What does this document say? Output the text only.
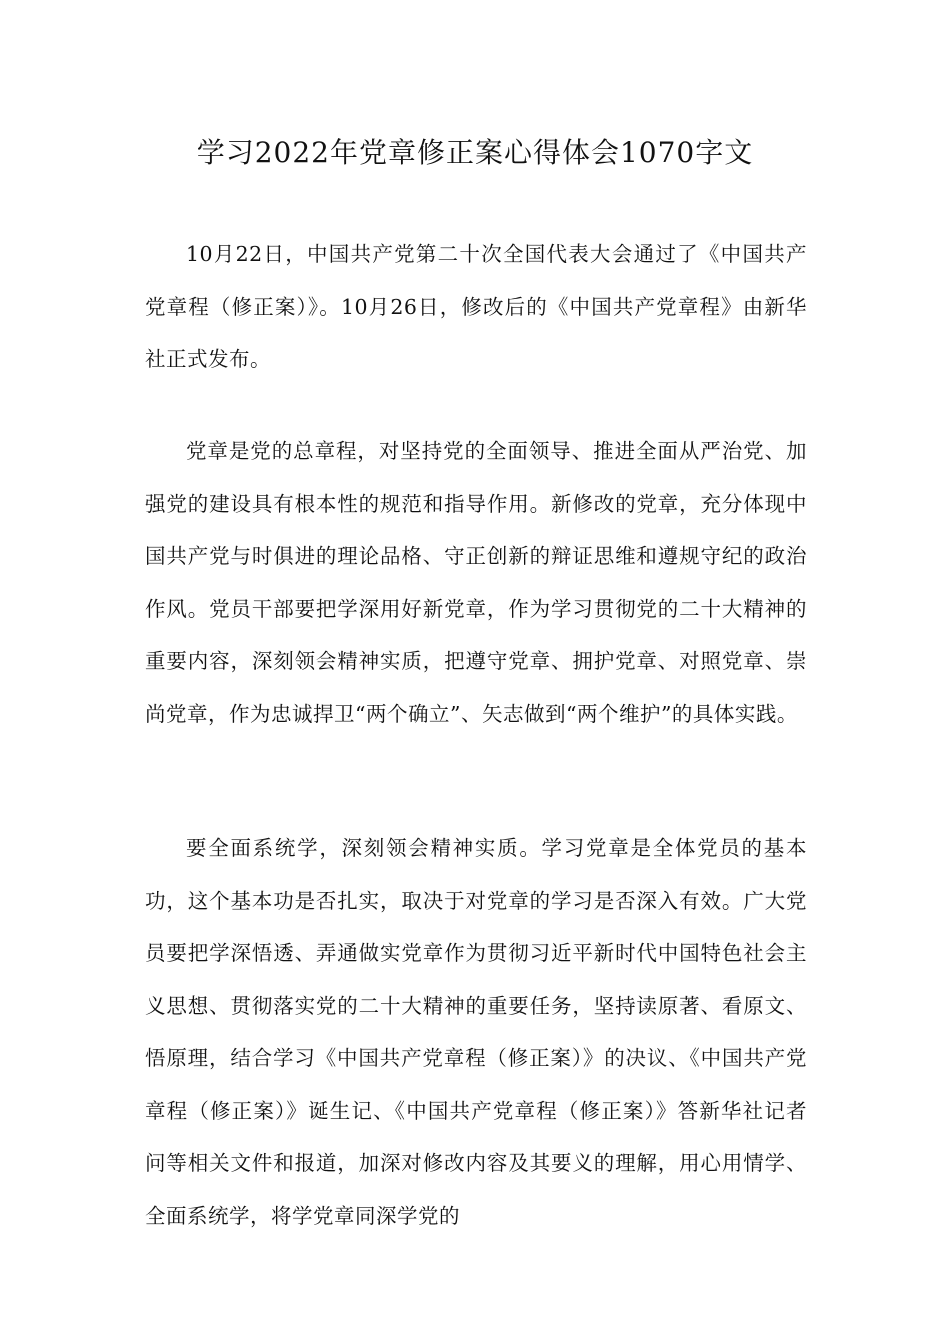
学习2022年党章修正案心得体会1070字文

10月22日，中国共产党第二十次全国代表大会通过了《中国共产党章程（修正案）》。10月26日，修改后的《中国共产党章程》由新华社正式发布。

党章是党的总章程，对坚持党的全面领导、推进全面从严治党、加强党的建设具有根本性的规范和指导作用。新修改的党章，充分体现中国共产党与时俱进的理论品格、守正创新的辩证思维和遵规守纪的政治作风。党员干部要把学深用好新党章，作为学习贯彻党的二十大精神的重要内容，深刻领会精神实质，把遵守党章、拥护党章、对照党章、崇尚党章，作为忠诚捍卫“两个确立”、矢志做到“两个维护”的具体实践。

要全面系统学，深刻领会精神实质。学习党章是全体党员的基本功，这个基本功是否扎实，取决于对党章的学习是否深入有效。广大党员要把学深悟透、弄通做实党章作为贯彻习近平新时代中国特色社会主义思想、贯彻落实党的二十大精神的重要任务，坚持读原著、看原文、悟原理，结合学习《中国共产党章程（修正案）》的决议、《中国共产党章程（修正案）》诞生记、《中国共产党章程（修正案）》答新华社记者问等相关文件和报道，加深对修改内容及其要义的理解，用心用情学、全面系统学，将学党章同深学党的
